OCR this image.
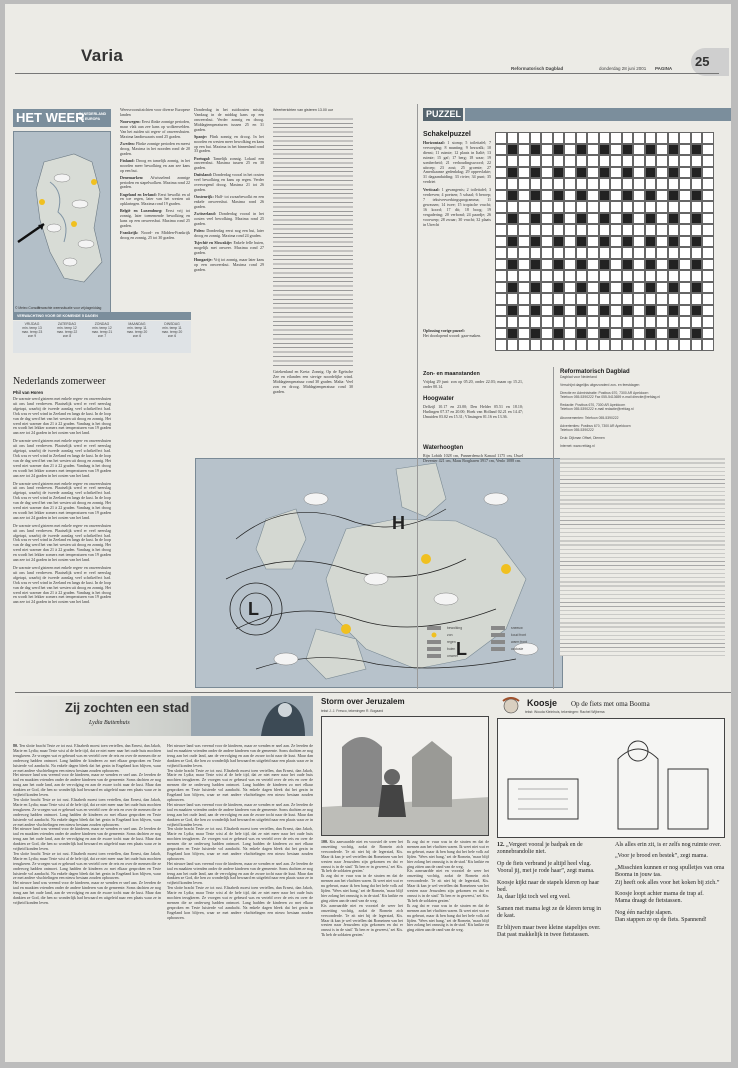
Varia
Reformatorisch Dagblad	donderdag 28 juni 2001 PAGINA 25
HET WEER
IN NEDERLAND
EN EUROPA
© Meteo Consult
Verwachte weerssituatie voor vrijdagmiddag
VERWACHTING VOOR DE KOMENDE 5 DAGEN
VRIJDAG
min. temp 13
max. temp 23
zon 9
ZATERDAG
min. temp 12
max. temp 22
zon 8
ZONDAG
min. temp 12
max. temp 21
zon 7
MAANDAG
min. temp 11
max. temp 20
zon 6
DINSDAG
min. temp 11
max. temp 20
zon 6
Nederlands zomerweer
Phil van Horen

De warmte werd gisteren met enkele regen- en onweersbuien uit ons land verdreven. Plaatselijk werd er veel neerslag afgetapt, waarbij de tweede aanslag veel schrikeffect had. Ook was er veel wind in Zeeland en langs de kust. In de loop van de dag werd het van het westen uit droog en zonnig. Het werd niet warmer dan 21 à 22 graden. Vandaag is het droog en wordt het lekker zomers met temperaturen van 19 graden aan zee tot 24 graden in het oosten van het land.

De warmte werd gisteren met enkele regen- en onweersbuien uit ons land verdreven. Plaatselijk werd er veel neerslag afgetapt, waarbij de tweede aanslag veel schrikeffect had. Ook was er veel wind in Zeeland en langs de kust. In de loop van de dag werd het van het westen uit droog en zonnig. Het werd niet warmer dan 21 à 22 graden. Vandaag is het droog en wordt het lekker zomers met temperaturen van 19 graden aan zee tot 24 graden in het oosten van het land.

De warmte werd gisteren met enkele regen- en onweersbuien uit ons land verdreven. Plaatselijk werd er veel neerslag afgetapt, waarbij de tweede aanslag veel schrikeffect had. Ook was er veel wind in Zeeland en langs de kust. In de loop van de dag werd het van het westen uit droog en zonnig. Het werd niet warmer dan 21 à 22 graden. Vandaag is het droog en wordt het lekker zomers met temperaturen van 19 graden aan zee tot 24 graden in het oosten van het land.

De warmte werd gisteren met enkele regen- en onweersbuien uit ons land verdreven. Plaatselijk werd er veel neerslag afgetapt, waarbij de tweede aanslag veel schrikeffect had. Ook was er veel wind in Zeeland en langs de kust. In de loop van de dag werd het van het westen uit droog en zonnig. Het werd niet warmer dan 21 à 22 graden. Vandaag is het droog en wordt het lekker zomers met temperaturen van 19 graden aan zee tot 24 graden in het oosten van het land.

De warmte werd gisteren met enkele regen- en onweersbuien uit ons land verdreven. Plaatselijk werd er veel neerslag afgetapt, waarbij de tweede aanslag veel schrikeffect had. Ook was er veel wind in Zeeland en langs de kust. In de loop van de dag werd het van het westen uit droog en zonnig. Het werd niet warmer dan 21 à 22 graden. Vandaag is het droog en wordt het lekker zomers met temperaturen van 19 graden aan zee tot 24 graden in het oosten van het land.

Weersvooruitzichten voor diverse Europese landen

Noorwegen: Eerst flinke zonnige perioden, maar vlak aan zee kans op wolkenvelden. Van het zuiden uit regen- of onweersbuien. Maxima landinwaarts rond 25 graden.

Zweden: Flinke zonnige perioden en meest droog. Maxima in het noorden rond de 20 graden.

Finland: Droog en tamelijk zonnig, in het noorden meer bewolking en aan zee kans op een bui.

Denemarken: Afwisselend zonnige perioden en stapelwolken. Maxima rond 22 graden.

Engeland en Ierland: Eerst bewolkt en af en toe regen, later van het westen uit opklaringen. Maxima rond 19 graden.

België en Luxemburg: Eerst vrij tot zonnig, later toenemende bewolking en kans op een onweersbui. Maxima rond 25 graden.

Frankrijk: Noord- en Midden-Frankrijk droog en zonnig, 25 tot 30 graden.

Donderdag in het zuidoosten mistig. Vandaag in de middag kans op een onweersbui. Verder zonnig en droog. Middagtemperaturen tussen 25 en 31 graden.

Spanje: Flink zonnig en droog. In het noorden en westen meer bewolking en kans op een bui. Maxima in het binnenland rond 33 graden.

Portugal: Tamelijk zonnig. Lokaal een onweersbui. Maxima tussen 25 en 30 graden.

Duitsland: Donderdag vooral in het oosten veel bewolking en kans op regen. Verder overwegend droog. Maxima 21 tot 26 graden.

Oostenrijk: Half- tot zwaarbewolkt en een enkele onweersbui. Maxima rond 26 graden.

Zwitserland: Donderdag vooral in het oosten veel bewolking. Maxima rond 25 graden.

Polen: Donderdag eerst nog een bui, later droog en zonnig. Maxima rond 24 graden.

Tsjechië en Slowakije: Enkele felle buien, mogelijk met onweer. Maxima rond 27 graden.

Hongarije: Vrij tot zonnig, maar later kans op een onweersbui. Maxima rond 29 graden.

Weerberichten van gisteren 13.00 uur
Griekenland en Kreta: Zonnig. Op de Egeïsche Zee en eilanden een stevige noordelijke wind. Middagtemperatuur rond 30 graden. Malta: Veel zon en droog. Middagtemperatuur rond 30 graden.
L
H
L
PUZZEL
Schakelpuzzel

Horizontaal: 1 stomp; 5 toilettafel; 7 vervoeging; 8 munting; 9 bezwalk; 10 dienst; 11 ruimte; 12 plaats in Italië; 13 ruimte; 15 gaf; 17 berg; 18 waar; 19 somberheid; 21 verhoudingswoord; 22 uitroep; 23 zout; 25 groente; 27 Amerikaanse gedenkdag; 29 oppervlakte; 31 dagaanduiding; 33 rivier; 34 punt; 35 verdriet

Verticaal: 1 gevangenis; 2 toilettafel; 3 verdreven; 4 poetsen; 5 schaal; 6 beroep; 7 tekstverwerkingsprogramma; 11 gewassen; 14 twee; 15 tropische vrucht; 16 koord; 17 dit; 18 boog; 19 vergadering; 20 verbond; 24 paardje; 26 voorwerp; 28 zwaar; 30 vrucht; 32 plaats in Utrecht

Oplossing vorige puzzel:

Het doorlopend woord: gaar-maken.

Zon- en maanstanden
Vrijdag 29 juni: zon op 05.20, onder 22.03; maan op 15.21, onder 00.14.
Hoogwater
Delfzijl 10.17 en 23.00; Den Helder 05.51 en 18.10; Harlingen 07.37 en 20.00; Hoek van Holland 02.21 en 14.47; IJmuiden 03.02 en 15.31; Vlissingen 01.16 en 13.36.
Waterhoogten
Rijn Lobith 1028 cm, Pannerdensch Kanaal 1175 cm, IJssel Deventer 421 cm, Maas Borgharen 3917 cm, Venlo 1088 cm.
bewolking
zon
regen
buien
onweer
sneeuw
koud front
warm front
occlusie
Reformatorisch Dagblad
Dagblad voor Nederland
Verschijnt dagelijks uitgezonderd zon- en feestdagen
Directie en Administratie: Postbus 670, 7300 AR Apeldoorn
Telefoon 055-5390222 Fax 055-5413659 e-mail directie@refdag.nl
Redactie: Postbus 670, 7300 AR Apeldoorn
Telefoon 055-5390222 e-mail redactie@refdag.nl
Abonnementen: Telefoon 055-5390222
Advertenties: Postbus 670, 7300 AR Apeldoorn
Telefoon 055-5390222
Druk: Dijkman Offset, Diemen
Internet: www.refdag.nl
Zij zochten een stad
Lydia Buitenhuis

80. Ten slotte bracht Teste ze tot rust. Elisabeth moest toen vertellen, dan Ernest, dan Jakob, Marie en Lydia; maar Teste wist al de hele tijd, dat ze niet meer naar het oude huis mochten terugkeren. Ze vroegen wat er gebeurd was en verteld over de reis en over de mensen die ze onderweg hadden ontmoet. Lang hadden de kinderen zo met elkaar gesproken en Teste luisterde vol aandacht. Na enkele dagen bleek dat het gezin in Engeland kon blijven, waar ze met andere vluchtelingen een nieuw bestaan zouden opbouwen.

Het nieuwe land was vreemd voor de kinderen, maar ze wenden er snel aan. Ze leerden de taal en maakten vrienden onder de andere kinderen van de gemeente. Soms dachten ze nog terug aan het oude land, aan de vervolging en aan de zware tocht naar de kust. Maar dan dankten ze God, die hen zo wonderlijk had bewaard en uitgeleid naar een plaats waar ze in vrijheid konden leven.

Ten slotte bracht Teste ze tot rust. Elisabeth moest toen vertellen, dan Ernest, dan Jakob, Marie en Lydia; maar Teste wist al de hele tijd, dat ze niet meer naar het oude huis mochten terugkeren. Ze vroegen wat er gebeurd was en verteld over de reis en over de mensen die ze onderweg hadden ontmoet. Lang hadden de kinderen zo met elkaar gesproken en Teste luisterde vol aandacht. Na enkele dagen bleek dat het gezin in Engeland kon blijven, waar ze met andere vluchtelingen een nieuw bestaan zouden opbouwen.

Het nieuwe land was vreemd voor de kinderen, maar ze wenden er snel aan. Ze leerden de taal en maakten vrienden onder de andere kinderen van de gemeente. Soms dachten ze nog terug aan het oude land, aan de vervolging en aan de zware tocht naar de kust. Maar dan dankten ze God, die hen zo wonderlijk had bewaard en uitgeleid naar een plaats waar ze in vrijheid konden leven.

Ten slotte bracht Teste ze tot rust. Elisabeth moest toen vertellen, dan Ernest, dan Jakob, Marie en Lydia; maar Teste wist al de hele tijd, dat ze niet meer naar het oude huis mochten terugkeren. Ze vroegen wat er gebeurd was en verteld over de reis en over de mensen die ze onderweg hadden ontmoet. Lang hadden de kinderen zo met elkaar gesproken en Teste luisterde vol aandacht. Na enkele dagen bleek dat het gezin in Engeland kon blijven, waar ze met andere vluchtelingen een nieuw bestaan zouden opbouwen.

Het nieuwe land was vreemd voor de kinderen, maar ze wenden er snel aan. Ze leerden de taal en maakten vrienden onder de andere kinderen van de gemeente. Soms dachten ze nog terug aan het oude land, aan de vervolging en aan de zware tocht naar de kust. Maar dan dankten ze God, die hen zo wonderlijk had bewaard en uitgeleid naar een plaats waar ze in vrijheid konden leven.

Het nieuwe land was vreemd voor de kinderen, maar ze wenden er snel aan. Ze leerden de taal en maakten vrienden onder de andere kinderen van de gemeente. Soms dachten ze nog terug aan het oude land, aan de vervolging en aan de zware tocht naar de kust. Maar dan dankten ze God, die hen zo wonderlijk had bewaard en uitgeleid naar een plaats waar ze in vrijheid konden leven.

Ten slotte bracht Teste ze tot rust. Elisabeth moest toen vertellen, dan Ernest, dan Jakob, Marie en Lydia; maar Teste wist al de hele tijd, dat ze niet meer naar het oude huis mochten terugkeren. Ze vroegen wat er gebeurd was en verteld over de reis en over de mensen die ze onderweg hadden ontmoet. Lang hadden de kinderen zo met elkaar gesproken en Teste luisterde vol aandacht. Na enkele dagen bleek dat het gezin in Engeland kon blijven, waar ze met andere vluchtelingen een nieuw bestaan zouden opbouwen.

Het nieuwe land was vreemd voor de kinderen, maar ze wenden er snel aan. Ze leerden de taal en maakten vrienden onder de andere kinderen van de gemeente. Soms dachten ze nog terug aan het oude land, aan de vervolging en aan de zware tocht naar de kust. Maar dan dankten ze God, die hen zo wonderlijk had bewaard en uitgeleid naar een plaats waar ze in vrijheid konden leven.

Ten slotte bracht Teste ze tot rust. Elisabeth moest toen vertellen, dan Ernest, dan Jakob, Marie en Lydia; maar Teste wist al de hele tijd, dat ze niet meer naar het oude huis mochten terugkeren. Ze vroegen wat er gebeurd was en verteld over de reis en over de mensen die ze onderweg hadden ontmoet. Lang hadden de kinderen zo met elkaar gesproken en Teste luisterde vol aandacht. Na enkele dagen bleek dat het gezin in Engeland kon blijven, waar ze met andere vluchtelingen een nieuw bestaan zouden opbouwen.

Het nieuwe land was vreemd voor de kinderen, maar ze wenden er snel aan. Ze leerden de taal en maakten vrienden onder de andere kinderen van de gemeente. Soms dachten ze nog terug aan het oude land, aan de vervolging en aan de zware tocht naar de kust. Maar dan dankten ze God, die hen zo wonderlijk had bewaard en uitgeleid naar een plaats waar ze in vrijheid konden leven.

Ten slotte bracht Teste ze tot rust. Elisabeth moest toen vertellen, dan Ernest, dan Jakob, Marie en Lydia; maar Teste wist al de hele tijd, dat ze niet meer naar het oude huis mochten terugkeren. Ze vroegen wat er gebeurd was en verteld over de reis en over de mensen die ze onderweg hadden ontmoet. Lang hadden de kinderen zo met elkaar gesproken en Teste luisterde vol aandacht. Na enkele dagen bleek dat het gezin in Engeland kon blijven, waar ze met andere vluchtelingen een nieuw bestaan zouden opbouwen.

Storm over Jeruzalem
tekst J. J. Fresco, tekeningen R. Bogaard

100. Kis aanvaardde niet en voorstel de weer het omzetting vochtig, zodat de Romein zich verwonderde. 'Je zit niet bij de legerstad, Kis. Maar ik kan je wel vertellen dat Romeinen van het westen naar Jeruzalem zijn gekomen en dat er onrust is in de stad.' 'Ik ben er in geweest,' zei Kis. 'Ik heb de soldaten gezien.'

Ik zag dat er vuur was in de straten en dat de mensen aan het vluchten waren. Ik weet niet wat er nu gebeurt, maar ik ben bang dat het hele volk zal lijden. 'Wees niet bang,' zei de Romein, 'maar blijf hier zolang het onrustig is in de stad.' Kis knikte en ging zitten aan de rand van de weg.

Kis aanvaardde niet en voorstel de weer het omzetting vochtig, zodat de Romein zich verwonderde. 'Je zit niet bij de legerstad, Kis. Maar ik kan je wel vertellen dat Romeinen van het westen naar Jeruzalem zijn gekomen en dat er onrust is in de stad.' 'Ik ben er in geweest,' zei Kis. 'Ik heb de soldaten gezien.'

Ik zag dat er vuur was in de straten en dat de mensen aan het vluchten waren. Ik weet niet wat er nu gebeurt, maar ik ben bang dat het hele volk zal lijden. 'Wees niet bang,' zei de Romein, 'maar blijf hier zolang het onrustig is in de stad.' Kis knikte en ging zitten aan de rand van de weg.

Kis aanvaardde niet en voorstel de weer het omzetting vochtig, zodat de Romein zich verwonderde. 'Je zit niet bij de legerstad, Kis. Maar ik kan je wel vertellen dat Romeinen van het westen naar Jeruzalem zijn gekomen en dat er onrust is in de stad.' 'Ik ben er in geweest,' zei Kis. 'Ik heb de soldaten gezien.'

Ik zag dat er vuur was in de straten en dat de mensen aan het vluchten waren. Ik weet niet wat er nu gebeurt, maar ik ben bang dat het hele volk zal lijden. 'Wees niet bang,' zei de Romein, 'maar blijf hier zolang het onrustig is in de stad.' Kis knikte en ging zitten aan de rand van de weg.

Koosje Op de fiets met oma Booma
tekst: Wouda Kleinhuis, tekeningen: Rachel Wijbema

12. „Vergeet vooral je badpak en de zonnebrandolie niet.

Op de fiets verbrand je altijd heel vlug.

Vooral jij, met je rode haar”, zegt mama.

Koosje kijkt naar de stapels kleren op haar bed.

Ja, daar lijkt toch wel erg veel.

Samen met mama legt ze de kleren terug in de kast.

Er blijven maar twee kleine stapeltjes over.

Dat past makkelijk in twee fietstassen.

Als alles erin zit, is er zelfs nog ruimte over.

„Voor je brood en bestek”, zegt mama.

„Misschien kunnen er nog spulletjes van oma Booma in jouw tas.

Zij heeft ook alles voor het koken bij zich.”

Koosje loopt achter mama de trap af.

Mama draagt de fietstassen.

Nog één nachtje slapen.

Dan stappen ze op de fiets. Spannend!
